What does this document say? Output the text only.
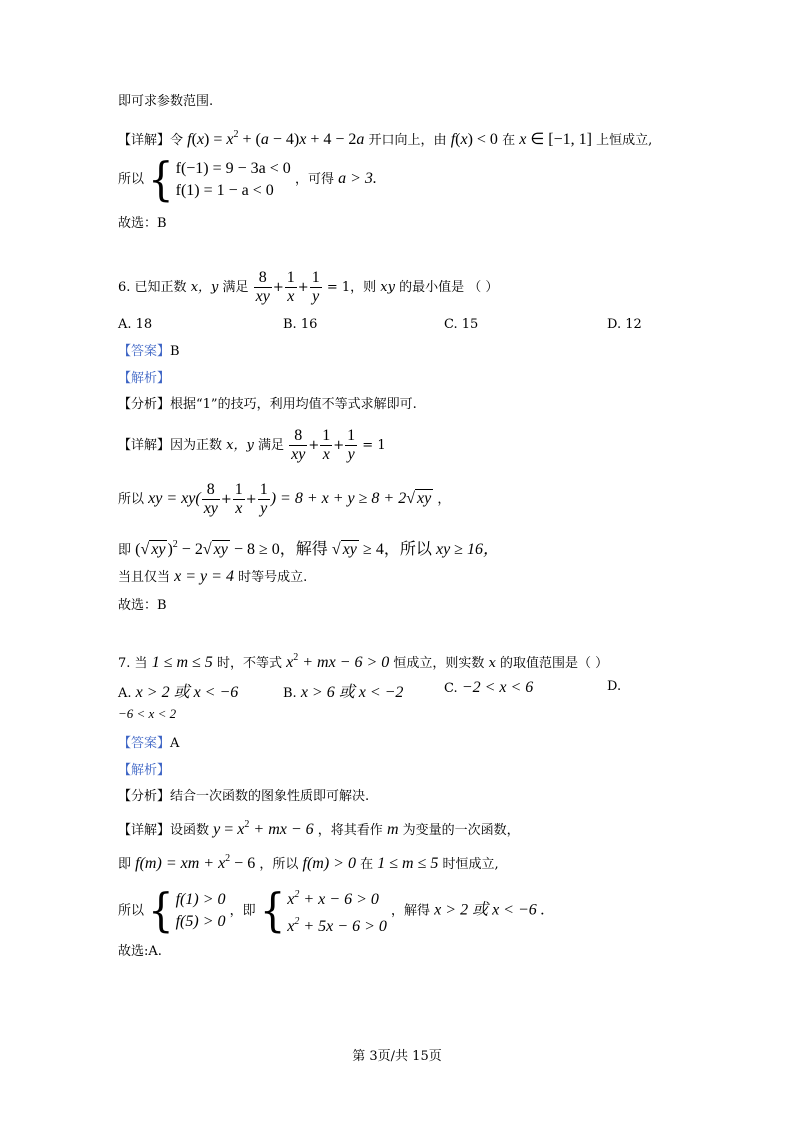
即可求参数范围.
【详解】令 $f(x) = x^2 + (a - 4)x + 4 - 2a$ 开口向上，由 f(x) < 0 在 x ∈ [−1, 1] 上恒成立,
所以 { f(−1) = 9 − 3a < 0
f(1) = 1 − a < 0
，可得 a > 3.
故选：B
6. 已知正数 x，y 满足 $\frac{8}{xy} + \frac{1}{x} + \frac{1}{y} = 1$，则 xy 的最小值是 （ ）
A. 18	B. 16	C. 15	D. 12
【答案】B
【解析】
【分析】根据“1”的技巧，利用均值不等式求解即可.
【详解】因为正数 x，y 满足 $\frac{8}{xy} + \frac{1}{x} + \frac{1}{y} = 1$
所以 xy = $xy( \frac{8}{xy} + \frac{1}{x} + \frac{1}{y}$ ) = 8 + x + y ≥ 8 + 2√ xy ，
即 (√ xy )$^2$ − 2√ xy − 8 ≥ 0，解得 √ xy ≥ 4，所以 xy ≥ 16，
当且仅当 x = y = 4 时等号成立.
故选：B
7. 当 1 ≤ m ≤ 5 时，不等式 $x^2$ + mx − 6 > 0 恒成立，则实数 x 的取值范围是（ ）
A. x > 2 或 x < −6	B. x > 6 或 x < −2	C. −2 < x < 6	D.
−6 < x < 2
【答案】A
【解析】
【分析】结合一次函数的图象性质即可解决.
【详解】设函数 $y = x^2$ + mx − 6 ，将其看作 m 为变量的一次函数，
即 f(m) = xm + $x^2 - 6$ ，所以 f(m) > 0 在 1 ≤ m ≤ 5 时恒成立,
所以 { f(1) > 0
f(5) > 0
，即 { $x^2 + x - 6 > 0$
$x^2 + 5x - 6 > 0$
，解得 x > 2 或 x < −6 .
故选:A.
第 3页/共 15页
